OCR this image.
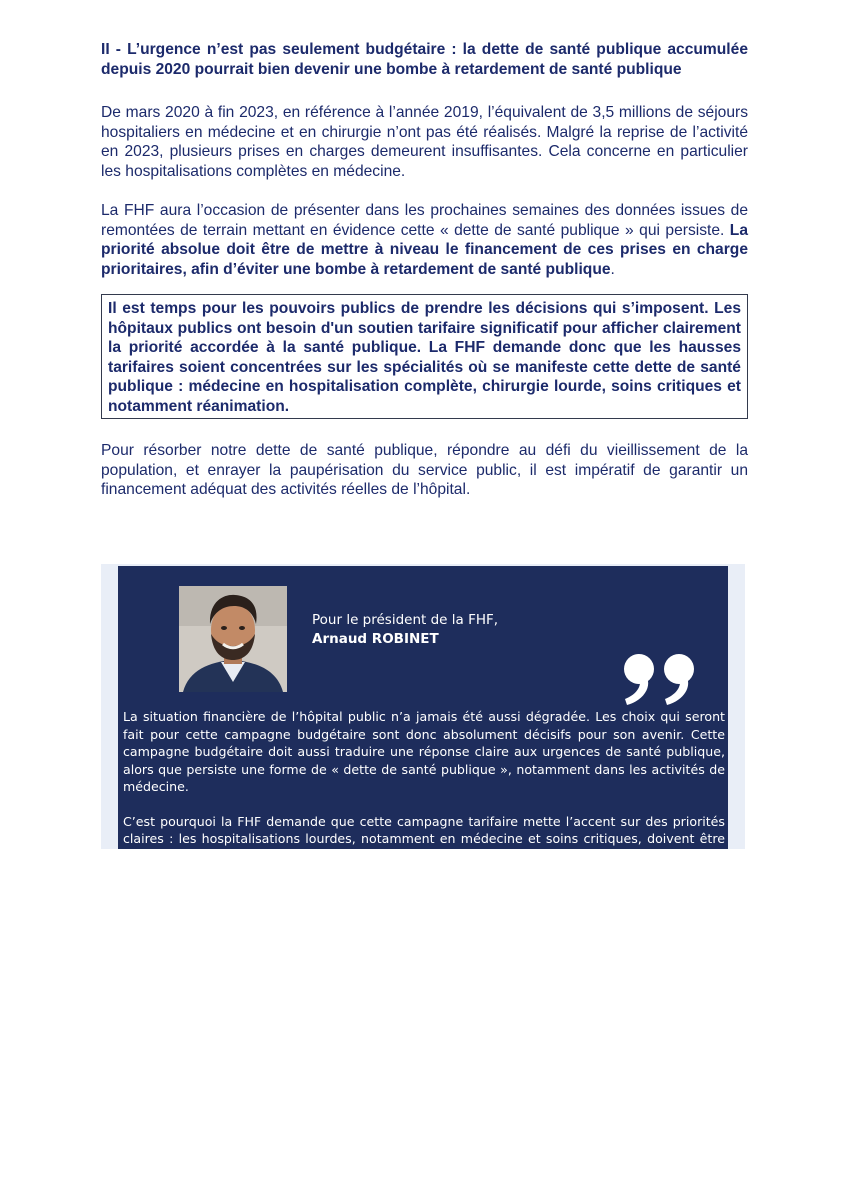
II - L’urgence n’est pas seulement budgétaire : la dette de santé publique accumulée depuis 2020 pourrait bien devenir une bombe à retardement de santé publique

De mars 2020 à fin 2023, en référence à l’année 2019, l’équivalent de 3,5 millions de séjours hospitaliers en médecine et en chirurgie n’ont pas été réalisés. Malgré la reprise de l’activité en 2023, plusieurs prises en charges demeurent insuffisantes. Cela concerne en particulier les hospitalisations complètes en médecine.

La FHF aura l’occasion de présenter dans les prochaines semaines des données issues de remontées de terrain mettant en évidence cette « dette de santé publique » qui persiste. La priorité absolue doit être de mettre à niveau le financement de ces prises en charge prioritaires, afin d’éviter une bombe à retardement de santé publique.

Il est temps pour les pouvoirs publics de prendre les décisions qui s’imposent. Les hôpitaux publics ont besoin d'un soutien tarifaire significatif pour afficher clairement la priorité accordée à la santé publique. La FHF demande donc que les hausses tarifaires soient concentrées sur les spécialités où se manifeste cette dette de santé publique : médecine en hospitalisation complète, chirurgie lourde, soins critiques et notamment réanimation.

Pour résorber notre dette de santé publique, répondre au défi du vieillissement de la population, et enrayer la paupérisation du service public, il est impératif de garantir un financement adéquat des activités réelles de l’hôpital.

Pour le président de la FHF,
Arnaud ROBINET

La situation financière de l’hôpital public n’a jamais été aussi dégradée. Les choix qui seront fait pour cette campagne budgétaire sont donc absolument décisifs pour son avenir. Cette campagne budgétaire doit aussi traduire une réponse claire aux urgences de santé publique, alors que persiste une forme de « dette de santé publique », notamment dans les activités de médecine.

C’est pourquoi la FHF demande que cette campagne tarifaire mette l’accent sur des priorités claires : les hospitalisations lourdes, notamment en médecine et soins critiques, doivent être en tête des priorités.
